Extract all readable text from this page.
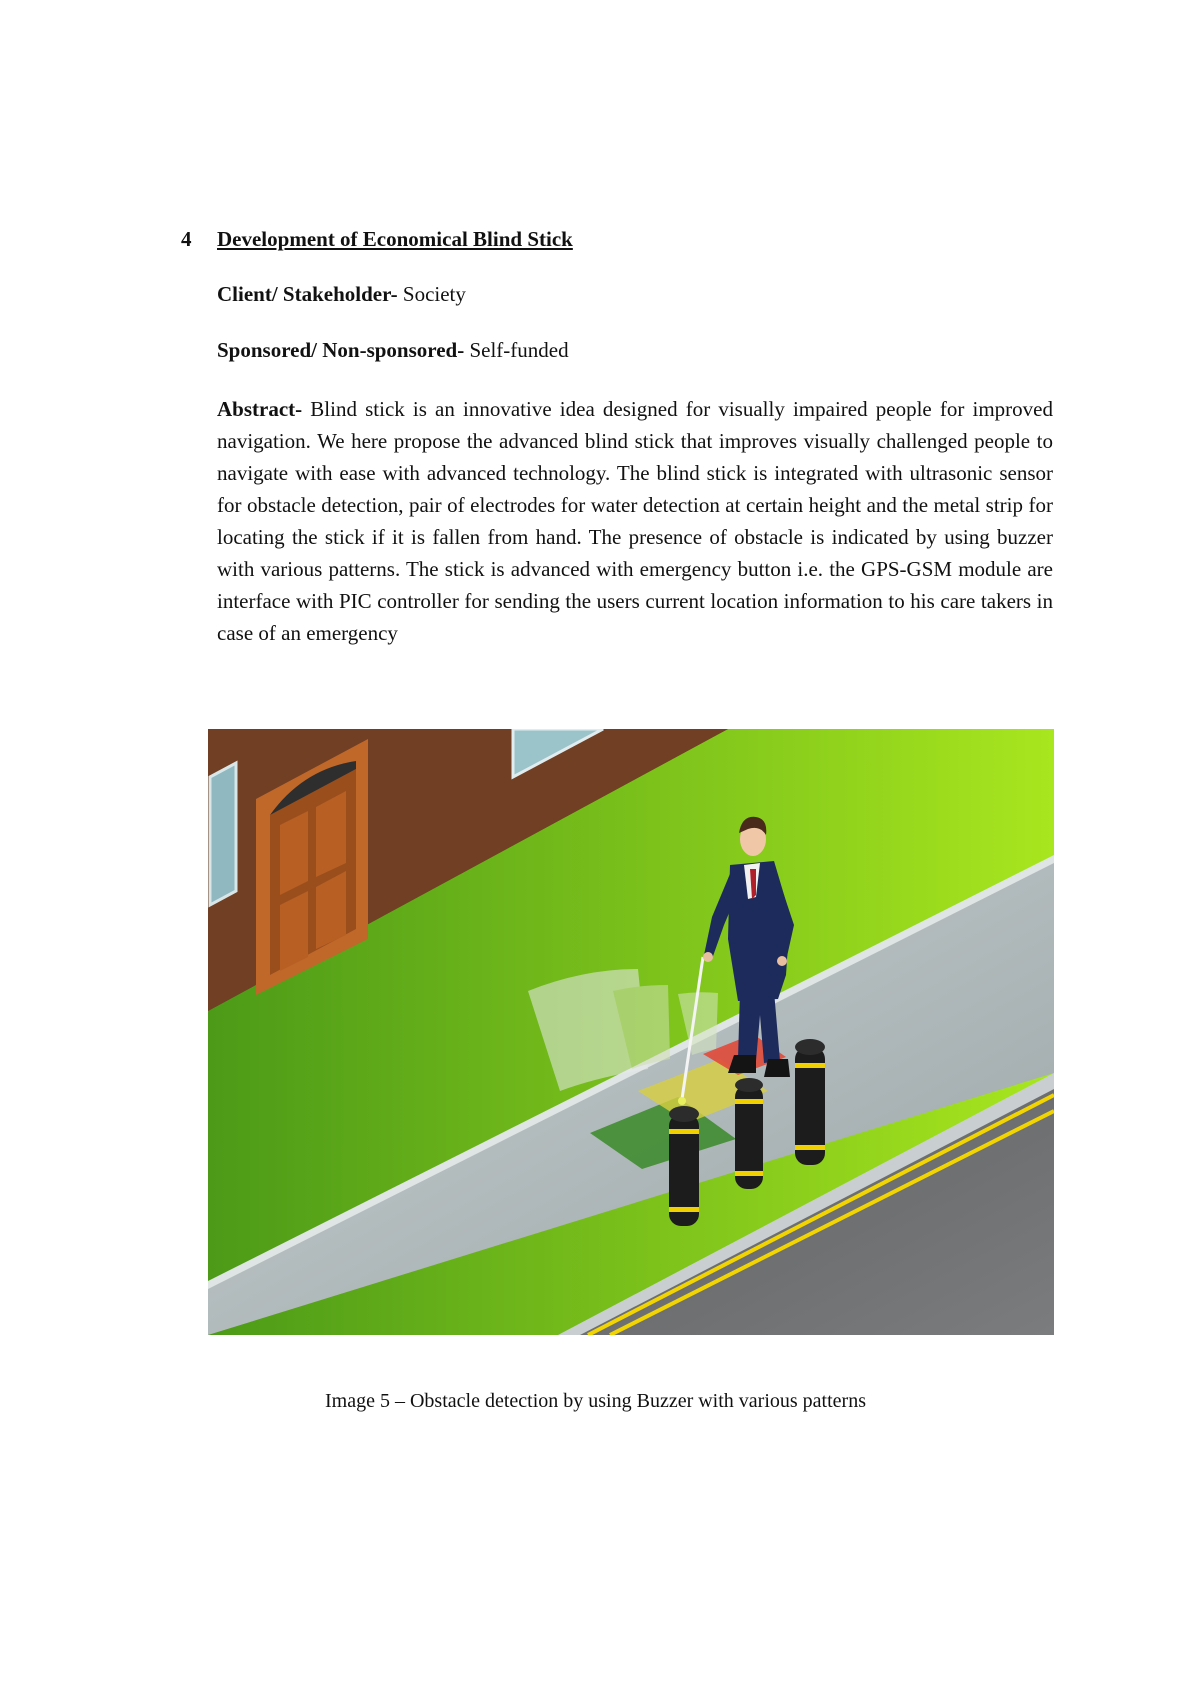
4 Development of Economical Blind Stick
Client/ Stakeholder- Society
Sponsored/ Non-sponsored- Self-funded
Abstract- Blind stick is an innovative idea designed for visually impaired people for improved navigation. We here propose the advanced blind stick that improves visually challenged people to navigate with ease with advanced technology. The blind stick is integrated with ultrasonic sensor for obstacle detection, pair of electrodes for water detection at certain height and the metal strip for locating the stick if it is fallen from hand. The presence of obstacle is indicated by using buzzer with various patterns. The stick is advanced with emergency button i.e. the GPS-GSM module are interface with PIC controller for sending the users current location information to his care takers in case of an emergency
Image 5 – Obstacle detection by using Buzzer with various patterns
